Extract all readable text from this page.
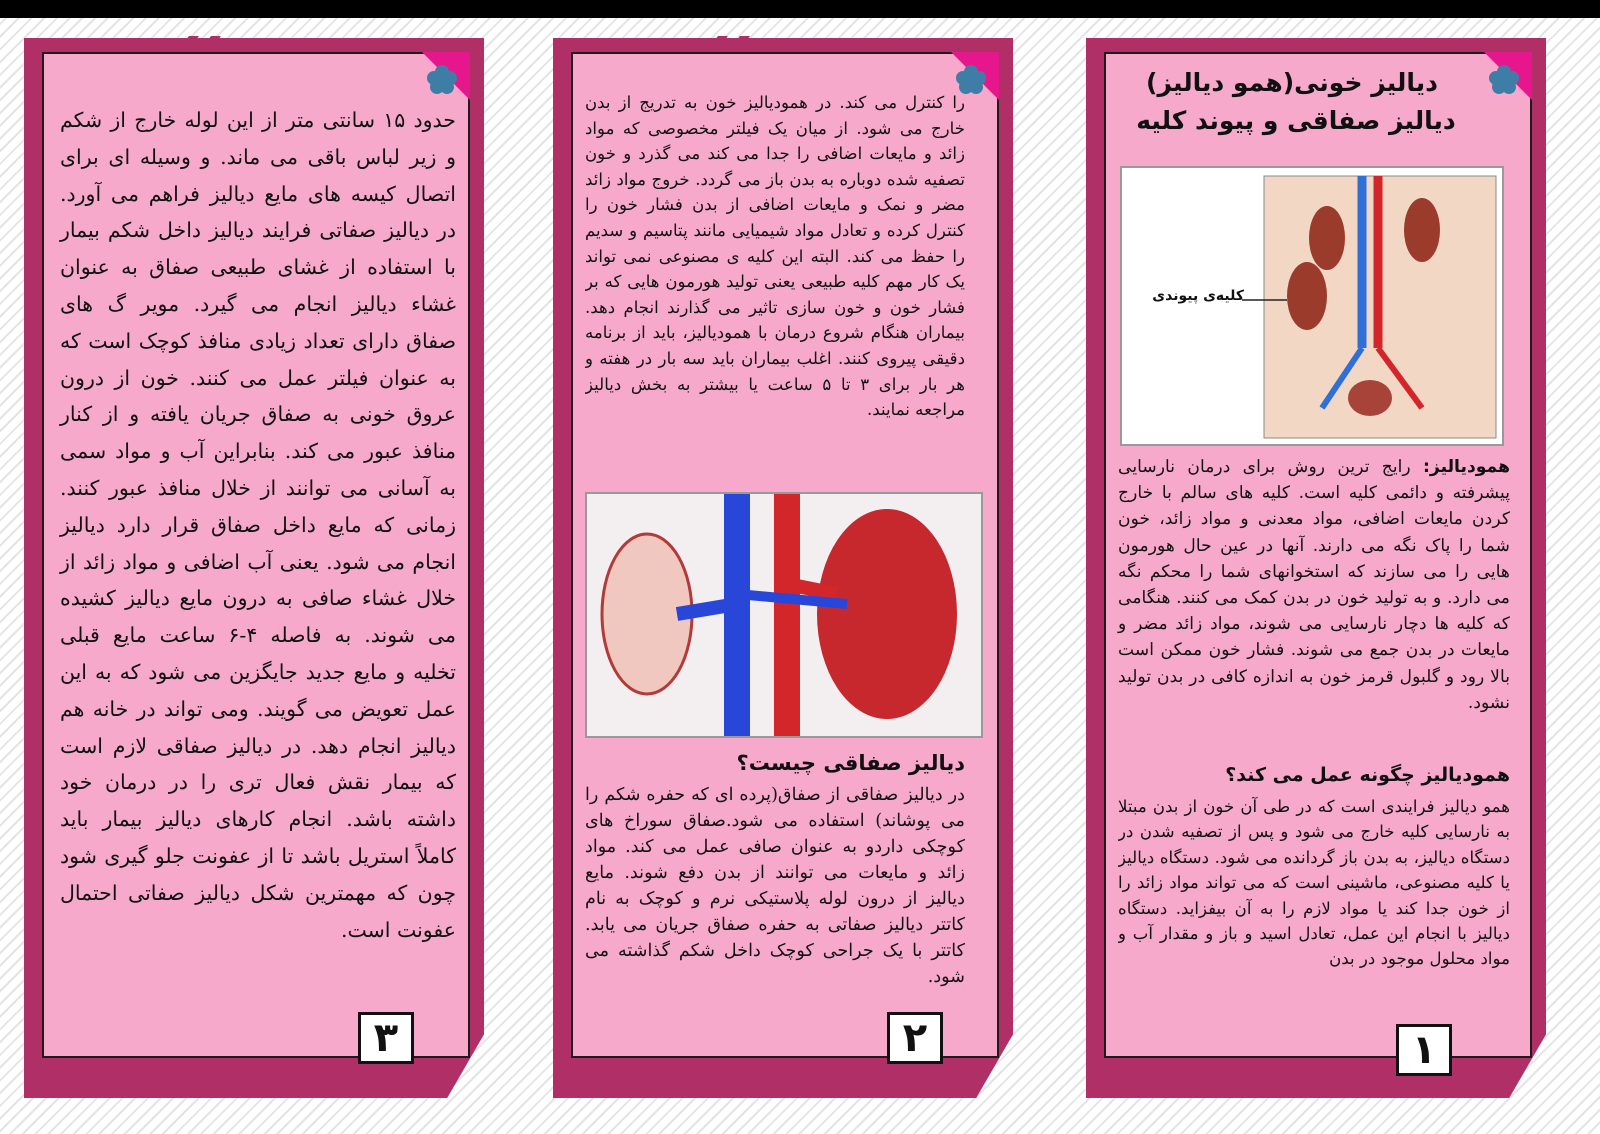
حدود ۱۵ سانتی متر از این لوله خارج از شکم و زیر لباس باقی می ماند. و وسیله ای برای اتصال کیسه های مایع دیالیز فراهم می آورد. در دیالیز صفاتی فرایند دیالیز داخل شکم بیمار با استفاده از غشای طبیعی صفاق به عنوان غشاء دیالیز انجام می گیرد. مویر گ های صفاق دارای تعداد زیادی منافذ کوچک است که به عنوان فیلتر عمل می کنند. خون از درون عروق خونی به صفاق جریان یافته و از کنار منافذ عبور می کند. بنابراین آب و مواد سمی به آسانی می توانند از خلال منافذ عبور کنند. زمانی که مایع داخل صفاق قرار دارد دیالیز انجام می شود. یعنی آب اضافی و مواد زائد از خلال غشاء صافی به درون مایع دیالیز کشیده می شوند. به فاصله ۴-۶ ساعت مایع قبلی تخلیه و مایع جدید جایگزین می شود که به این عمل تعویض می گویند. ومی تواند در خانه هم دیالیز انجام دهد. در دیالیز صفاقی لازم است که بیمار نقش فعال تری را در درمان خود داشته باشد. انجام کارهای دیالیز بیمار باید کاملاً استریل باشد تا از عفونت جلو گیری شود چون که مهمترین شکل دیالیز صفاتی احتمال عفونت است.
۳
را کنترل می کند. در همودیالیز خون به تدریج از بدن خارج می شود. از میان یک فیلتر مخصوصی که مواد زائد و مایعات اضافی را جدا می کند می گذرد و خون تصفیه شده دوباره به بدن باز می گردد. خروج مواد زائد مضر و نمک و مایعات اضافی از بدن فشار خون را کنترل کرده و تعادل مواد شیمیایی مانند پتاسیم و سدیم را حفظ می کند. البته این کلیه ی مصنوعی نمی تواند یک کار مهم کلیه طبیعی یعنی تولید هورمون هایی که بر فشار خون و خون سازی تاثیر می گذارند انجام دهد. بیماران هنگام شروع درمان با همودیالیز، باید از برنامه دقیقی پیروی کنند. اغلب بیماران باید سه بار در هفته و هر بار برای ۳ تا ۵ ساعت یا بیشتر به بخش دیالیز مراجعه نمایند.
دیالیز صفاقی چیست؟
در دیالیز صفاقی از صفاق(پرده ای که حفره شکم را می پوشاند) استفاده می شود.صفاق سوراخ های کوچکی داردو به عنوان صافی عمل می کند. مواد زائد و مایعات می توانند از بدن دفع شوند. مایع دیالیز از درون لوله پلاستیکی نرم و کوچک به نام کاتتر دیالیز صفاتی به حفره صفاق جریان می یابد. کاتتر با یک جراحی کوچک داخل شکم گذاشته می شود.
۲
دیالیز خونی(همو دیالیز)
دیالیز صفاقی و پیوند کلیه
کلیه‌ی پیوندی
همودیالیز: رایج ترین روش برای درمان نارسایی پیشرفته و دائمی کلیه است. کلیه های سالم با خارج کردن مایعات اضافی، مواد معدنی و مواد زائد، خون شما را پاک نگه می دارند. آنها در عین حال هورمون هایی را می سازند که استخوانهای شما را محکم نگه می دارد. و به تولید خون در بدن کمک می کنند. هنگامی که کلیه ها دچار نارسایی می شوند، مواد زائد مضر و مایعات در بدن جمع می شوند. فشار خون ممکن است بالا رود و گلبول قرمز خون به اندازه کافی در بدن تولید نشود.
همودیالیز چگونه عمل می کند؟
همو دیالیز فرایندی است که در طی آن خون از بدن مبتلا به نارسایی کلیه خارج می شود و پس از تصفیه شدن در دستگاه دیالیز، به بدن باز گردانده می شود. دستگاه دیالیز یا کلیه مصنوعی، ماشینی است که می تواند مواد زائد را از خون جدا کند یا مواد لازم را به آن بیفزاید. دستگاه دیالیز با انجام این عمل، تعادل اسید و باز و مقدار آب و مواد محلول موجود در بدن
۱
